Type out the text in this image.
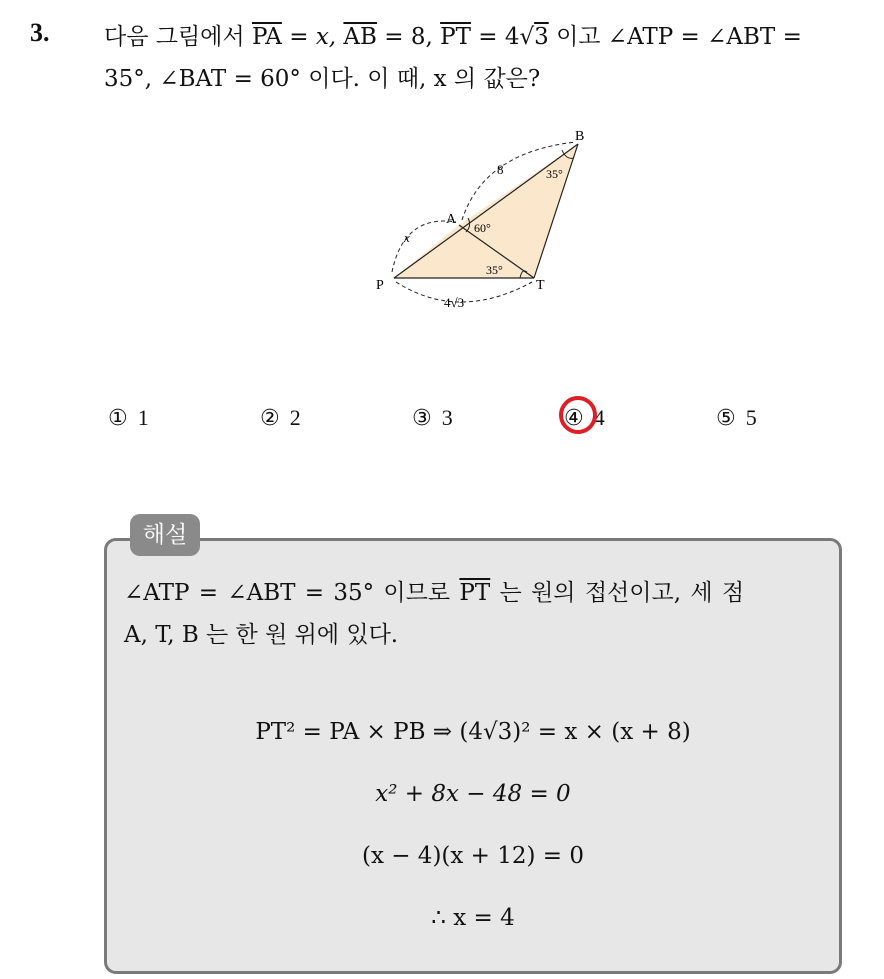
3. 다음 그림에서 $\overline{PA} = x$, $\overline{AB} = 8$, $\overline{PT} = 4√3$ 이고 ∠ATP = ∠ABT =
35°, ∠BAT = 60° 이다. 이 때, x 의 값은?
B
A
P	T
8
x
4√3
35°
60°
35°
① 1	② 2	③ 3	④ 4	⑤ 5
해설
∠ATP = ∠ABT = 35° 이므로 $\overline{PT}$ 는 원의 접선이고, 세 점
A, T, B 는 한 원 위에 있다.
PT² = PA × PB ⇒ (4√3)² = x × (x + 8)
x² + 8x − 48 = 0
(x − 4)(x + 12) = 0
∴ x = 4
